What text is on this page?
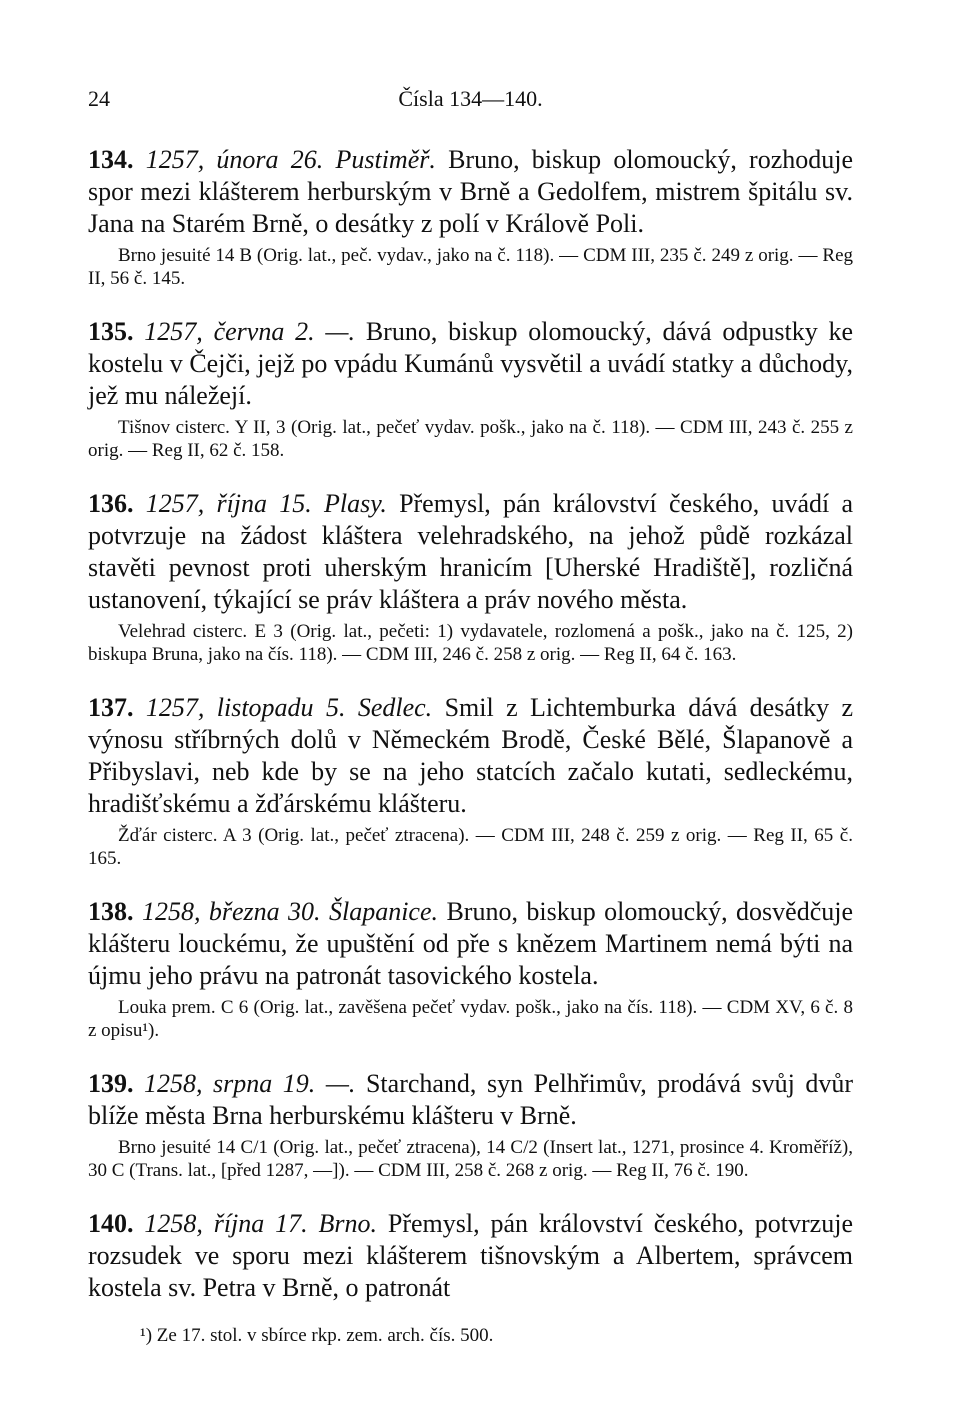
24	Čísla 134—140.

134. 1257, února 26. Pustiměř. Bruno, biskup olomoucký, rozhoduje spor mezi klášterem herburským v Brně a Gedolfem, mistrem špitálu sv. Jana na Starém Brně, o desátky z polí v Králově Poli.

Brno jesuité 14 B (Orig. lat., peč. vydav., jako na č. 118). — CDM III, 235 č. 249 z orig. — Reg II, 56 č. 145.

135. 1257, června 2. —. Bruno, biskup olomoucký, dává odpustky ke kostelu v Čejči, jejž po vpádu Kumánů vysvětil a uvádí statky a důchody, jež mu náležejí.

Tišnov cisterc. Y II, 3 (Orig. lat., pečeť vydav. pošk., jako na č. 118). — CDM III, 243 č. 255 z orig. — Reg II, 62 č. 158.

136. 1257, října 15. Plasy. Přemysl, pán království českého, uvádí a potvrzuje na žádost kláštera velehradského, na jehož půdě rozkázal stavěti pevnost proti uherským hranicím [Uherské Hradiště], rozličná ustanovení, týkající se práv kláštera a práv nového města.

Velehrad cisterc. E 3 (Orig. lat., pečeti: 1) vydavatele, rozlomená a pošk., jako na č. 125, 2) biskupa Bruna, jako na čís. 118). — CDM III, 246 č. 258 z orig. — Reg II, 64 č. 163.

137. 1257, listopadu 5. Sedlec. Smil z Lichtemburka dává desátky z výnosu stříbrných dolů v Německém Brodě, České Bělé, Šlapanově a Přibyslavi, neb kde by se na jeho statcích začalo kutati, sedleckému, hradišťskému a žďárskému klášteru.

Žďár cisterc. A 3 (Orig. lat., pečeť ztracena). — CDM III, 248 č. 259 z orig. — Reg II, 65 č. 165.

138. 1258, března 30. Šlapanice. Bruno, biskup olomoucký, dosvědčuje klášteru louckému, že upuštění od pře s knězem Martinem nemá býti na újmu jeho právu na patronát tasovického kostela.

Louka prem. C 6 (Orig. lat., zavěšena pečeť vydav. pošk., jako na čís. 118). — CDM XV, 6 č. 8 z opisu¹).

139. 1258, srpna 19. —. Starchand, syn Pelhřimův, prodává svůj dvůr blíže města Brna herburskému klášteru v Brně.

Brno jesuité 14 C/1 (Orig. lat., pečeť ztracena), 14 C/2 (Insert lat., 1271, prosince 4. Kroměříž), 30 C (Trans. lat., [před 1287, —]). — CDM III, 258 č. 268 z orig. — Reg II, 76 č. 190.

140. 1258, října 17. Brno. Přemysl, pán království českého, potvrzuje rozsudek ve sporu mezi klášterem tišnovským a Albertem, správcem kostela sv. Petra v Brně, o patronát

¹) Ze 17. stol. v sbírce rkp. zem. arch. čís. 500.
